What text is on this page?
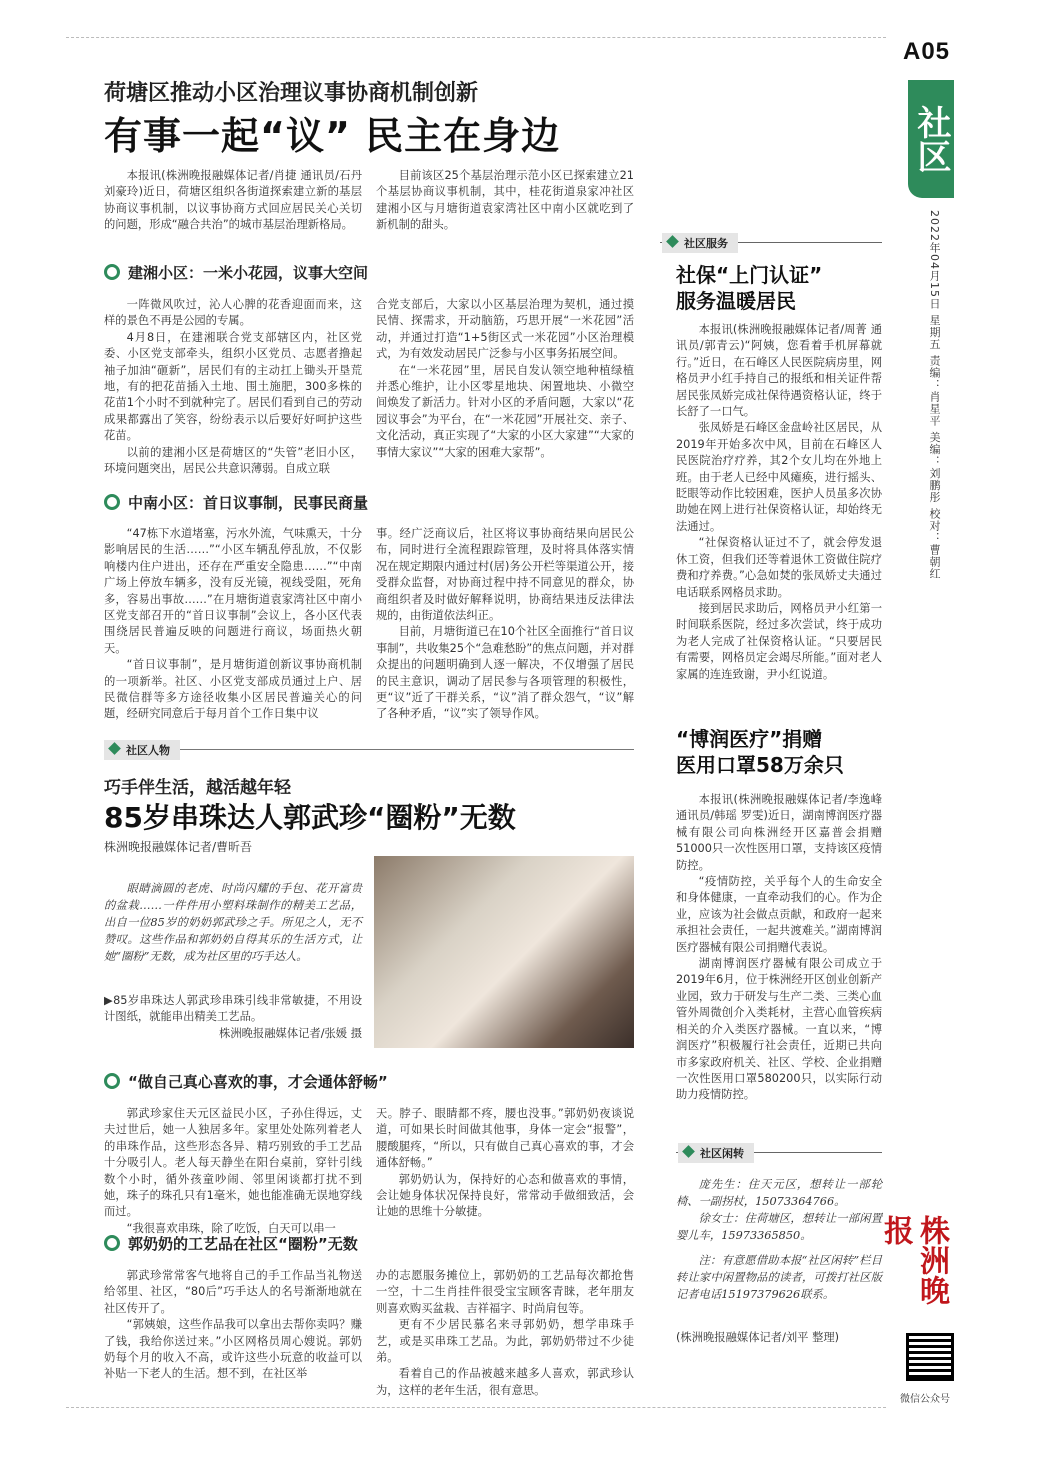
A05
社区
2022年04月15日 星期五 责编：肖星平 美编：刘鹏彤 校对：曹朝红
荷塘区推动小区治理议事协商机制创新
有事一起“议” 民主在身边

本报讯(株洲晚报融媒体记者/肖捷 通讯员/石丹 刘豪玲)近日，荷塘区组织各街道探索建立新的基层协商议事机制，以议事协商方式回应居民关心关切的问题，形成“融合共治”的城市基层治理新格局。

目前该区25个基层治理示范小区已探索建立21个基层协商议事机制，其中，桂花街道泉家冲社区建湘小区与月塘街道袁家湾社区中南小区就吃到了新机制的甜头。

建湘小区：一米小花园，议事大空间

一阵微风吹过，沁人心脾的花香迎面而来，这样的景色不再是公园的专属。

4月8日，在建湘联合党支部辖区内，社区党委、小区党支部牵头，组织小区党员、志愿者撸起袖子加油“砸新”，居民们有的主动扛上锄头开垦荒地，有的把花苗插入土地、围土施肥，300多株的花苗1个小时不到就种完了。居民们看到自己的劳动成果都露出了笑容，纷纷表示以后要好好呵护这些花苗。

以前的建湘小区是荷塘区的“失管”老旧小区，环境问题突出，居民公共意识薄弱。自成立联

合党支部后，大家以小区基层治理为契机，通过摸民情、探需求，开动脑筋，巧思开展“一米花园”活动，并通过打造“1+5街区式一米花园”小区治理模式，为有效发动居民广泛参与小区事务拓展空间。

在“一米花园”里，居民自发认领空地种植绿植并悉心维护，让小区零星地块、闲置地块、小微空间焕发了新活力。针对小区的矛盾问题，大家以“花园议事会”为平台，在“一米花园”开展社交、亲子、文化活动，真正实现了“大家的小区大家建”“大家的事情大家议”“大家的困难大家帮”。

中南小区：首日议事制，民事民商量

“47栋下水道堵塞，污水外流，气味熏天，十分影响居民的生活……”“小区车辆乱停乱放，不仅影响楼内住户进出，还存在严重安全隐患……”“中南广场上停放车辆多，没有反光镜，视线受阻，死角多，容易出事故……”在月塘街道袁家湾社区中南小区党支部召开的“首日议事制”会议上，各小区代表围绕居民普遍反映的问题进行商议，场面热火朝天。

“首日议事制”，是月塘街道创新议事协商机制的一项新举。社区、小区党支部成员通过上户、居民微信群等多方途径收集小区居民普遍关心的问题，经研究同意后于每月首个工作日集中议

事。经广泛商议后，社区将议事协商结果向居民公布，同时进行全流程跟踪管理，及时将具体落实情况在规定期限内通过村(居)务公开栏等渠道公开，接受群众监督，对协商过程中持不同意见的群众，协商组织者及时做好解释说明，协商结果违反法律法规的，由街道依法纠正。

目前，月塘街道已在10个社区全面推行“首日议事制”，共收集25个“急难愁盼”的焦点问题，并对群众提出的问题明确到人逐一解决，不仅增强了居民的民主意识，调动了居民参与各项管理的积极性，更“议”近了干群关系，“议”消了群众怨气，“议”解了各种矛盾，“议”实了领导作风。

社区人物
巧手伴生活，越活越年轻
85岁串珠达人郭武珍“圈粉”无数
株洲晚报融媒体记者/曹昕吾

眼睛滴圆的老虎、时尚闪耀的手包、花开富贵的盆栽……一件件用小塑料珠制作的精美工艺品，出自一位85岁的奶奶郭武珍之手。所见之人，无不赞叹。这些作品和郭奶奶自得其乐的生活方式，让她“圈粉”无数，成为社区里的巧手达人。

▶85岁串珠达人郭武珍串珠引线非常敏捷，不用设计图纸，就能串出精美工艺品。
株洲晚报融媒体记者/张媛 摄
“做自己真心喜欢的事，才会通体舒畅”

郭武珍家住天元区益民小区，子孙住得远，丈夫过世后，她一人独居多年。家里处处陈列着老人的串珠作品，这些形态各异、精巧别致的手工艺品十分吸引人。老人每天静坐在阳台桌前，穿针引线数个小时，循外孩童吵闹、邻里闲谈都打扰不到她，珠子的珠孔只有1毫米，她也能准确无误地穿线而过。

“我很喜欢串珠，除了吃饭，白天可以串一

天。脖子、眼睛都不疼，腰也没事。”郭奶奶夜谈说道，可如果长时间做其他事，身体一定会“报警”，腰酸腿疼，“所以，只有做自己真心喜欢的事，才会通体舒畅。”

郭奶奶认为，保持好的心态和做喜欢的事情，会让她身体状况保持良好，常常动手做细致活，会让她的思维十分敏捷。

郭奶奶的工艺品在社区“圈粉”无数

郭武珍常常客气地将自己的手工作品当礼物送给邻里、社区，“80后”巧手达人的名号渐渐地就在社区传开了。

“郭姨娘，这些作品我可以拿出去帮你卖吗？赚了钱，我给你送过来。”小区网格员周心嫂说。郭奶奶每个月的收入不高，或许这些小玩意的收益可以补贴一下老人的生活。想不到，在社区举

办的志愿服务摊位上，郭奶奶的工艺品每次都抢售一空，十二生肖挂件很受宝宝顾客青睐，老年朋友则喜欢购买盆栽、吉祥福字、时尚肩包等。

更有不少居民慕名来寻郭奶奶，想学串珠手艺，或是买串珠工艺品。为此，郭奶奶带过不少徒弟。

看着自己的作品被越来越多人喜欢，郭武珍认为，这样的老年生活，很有意思。

社区服务
社保“上门认证”
服务温暖居民

本报讯(株洲晚报融媒体记者/周菁 通讯员/郭青云)“阿姨，您看着手机屏幕就行。”近日，在石峰区人民医院病房里，网格员尹小红手持自己的报纸和相关证件帮居民张凤娇完成社保待遇资格认证，终于长舒了一口气。

张凤娇是石峰区金盘岭社区居民，从2019年开始多次中风，目前在石峰区人民医院治疗疗养，其2个女儿均在外地上班。由于老人已经中风瘫痪，进行摇头、眨眼等动作比较困难，医护人员虽多次协助她在网上进行社保资格认证，却始终无法通过。

“社保资格认证过不了，就会停发退休工资，但我们还等着退休工资做住院疗费和疗养费。”心急如焚的张凤娇丈夫通过电话联系网格员求助。

接到居民求助后，网格员尹小红第一时间联系医院，经过多次尝试，终于成功为老人完成了社保资格认证。“只要居民有需要，网格员定会竭尽所能。”面对老人家属的连连致谢，尹小红说道。

“博润医疗”捐赠
医用口罩58万余只

本报讯(株洲晚报融媒体记者/李逸峰 通讯员/韩瑶 罗雯)近日，湖南博润医疗器械有限公司向株洲经开区嘉普会捐赠51000只一次性医用口罩，支持该区疫情防控。

“疫情防控，关乎每个人的生命安全和身体健康，一直牵动我们的心。作为企业，应该为社会做点贡献，和政府一起来承担社会责任，一起共渡难关。”湖南博润医疗器械有限公司捐赠代表说。

湖南博润医疗器械有限公司成立于2019年6月，位于株洲经开区创业创新产业园，致力于研发与生产二类、三类心血管外周微创介入类耗材，主营心血管疾病相关的介入类医疗器械。一直以来，“博润医疗”积极履行社会责任，近期已共向市多家政府机关、社区、学校、企业捐赠一次性医用口罩580200只，以实际行动助力疫情防控。

社区闲转

庞先生：住天元区，想转让一部轮椅、一副拐杖，15073364766。

徐女士：住荷塘区，想转让一部闲置婴儿车，15973365850。

注：有意愿借助本报“社区闲转”栏目转让家中闲置物品的读者，可拨打社区版记者电话15197379626联系。

(株洲晚报融媒体记者/刘平 整理)
株洲晚报
微信公众号
